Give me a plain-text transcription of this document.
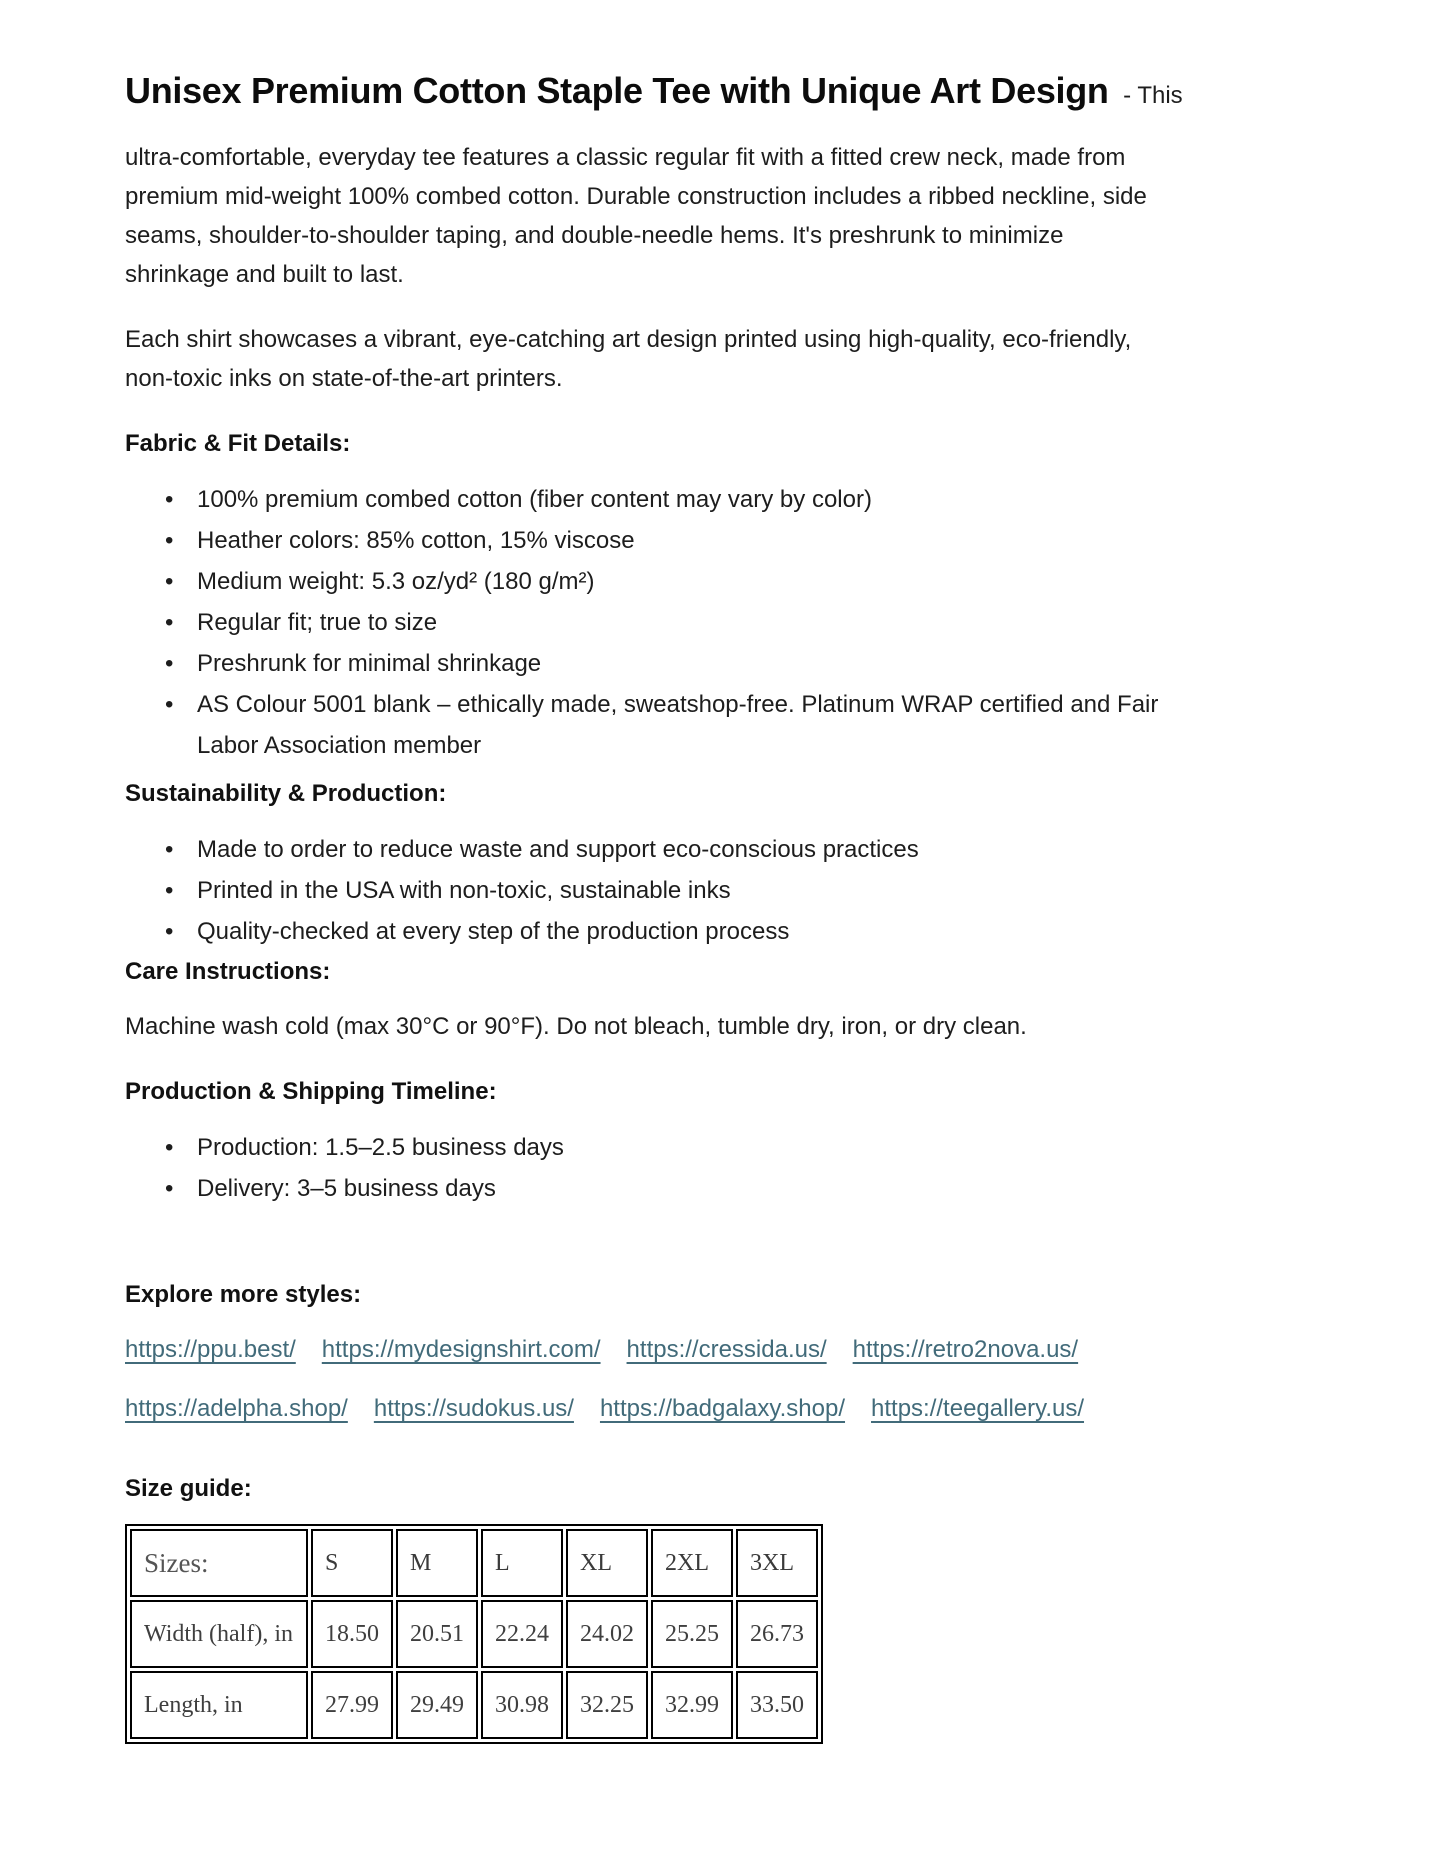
Unisex Premium Cotton Staple Tee with Unique Art Design - This
ultra-comfortable, everyday tee features a classic regular fit with a fitted crew neck, made from
premium mid-weight 100% combed cotton. Durable construction includes a ribbed neckline, side
seams, shoulder-to-shoulder taping, and double-needle hems. It's preshrunk to minimize
shrinkage and built to last.
Each shirt showcases a vibrant, eye-catching art design printed using high-quality, eco-friendly,
non-toxic inks on state-of-the-art printers.
Fabric & Fit Details:
• 100% premium combed cotton (fiber content may vary by color)
• Heather colors: 85% cotton, 15% viscose
• Medium weight: 5.3 oz/yd² (180 g/m²)
• Regular fit; true to size
• Preshrunk for minimal shrinkage
• AS Colour 5001 blank – ethically made, sweatshop-free. Platinum WRAP certified and Fair
Labor Association member
Sustainability & Production:
• Made to order to reduce waste and support eco-conscious practices
• Printed in the USA with non-toxic, sustainable inks
• Quality-checked at every step of the production process
Care Instructions:
Machine wash cold (max 30°C or 90°F). Do not bleach, tumble dry, iron, or dry clean.
Production & Shipping Timeline:
• Production: 1.5–2.5 business days
• Delivery: 3–5 business days
Explore more styles:
https://ppu.best/ https://mydesignshirt.com/ https://cressida.us/ https://retro2nova.us/
https://adelpha.shop/ https://sudokus.us/ https://badgalaxy.shop/ https://teegallery.us/
Size guide:
Sizes:	S	M	L	XL	2XL	3XL
Width (half), in	18.50	20.51	22.24	24.02	25.25	26.73
Length, in	27.99	29.49	30.98	32.25	32.99	33.50
